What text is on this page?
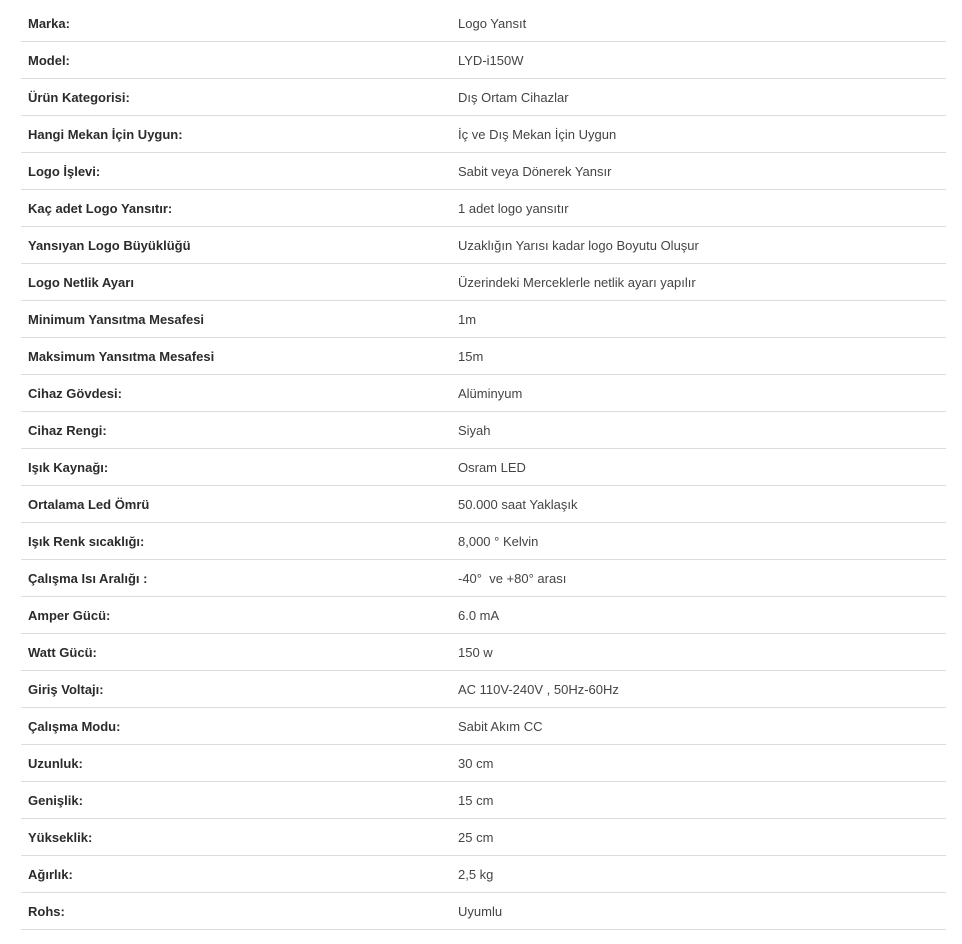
Marka:	Logo Yansıt
Model:	LYD-i150W
Ürün Kategorisi:	Dış Ortam Cihazlar
Hangi Mekan İçin Uygun:	İç ve Dış Mekan İçin Uygun
Logo İşlevi:	Sabit veya Dönerek Yansır
Kaç adet Logo Yansıtır:	1 adet logo yansıtır
Yansıyan Logo Büyüklüğü	Uzaklığın Yarısı kadar logo Boyutu Oluşur
Logo Netlik Ayarı	Üzerindeki Merceklerle netlik ayarı yapılır
Minimum Yansıtma Mesafesi	1m
Maksimum Yansıtma Mesafesi	15m
Cihaz Gövdesi:	Alüminyum
Cihaz Rengi:	Siyah
Işık Kaynağı:	Osram LED
Ortalama Led Ömrü	50.000 saat Yaklaşık
Işık Renk sıcaklığı:	8,000 ° Kelvin
Çalışma Isı Aralığı :	-40°  ve +80° arası
Amper Gücü:	6.0 mA
Watt Gücü:	150 w
Giriş Voltajı:	AC 110V-240V , 50Hz-60Hz
Çalışma Modu:	Sabit Akım CC
Uzunluk:	30 cm
Genişlik:	15 cm
Yükseklik:	25 cm
Ağırlık:	2,5 kg
Rohs:	Uyumlu
